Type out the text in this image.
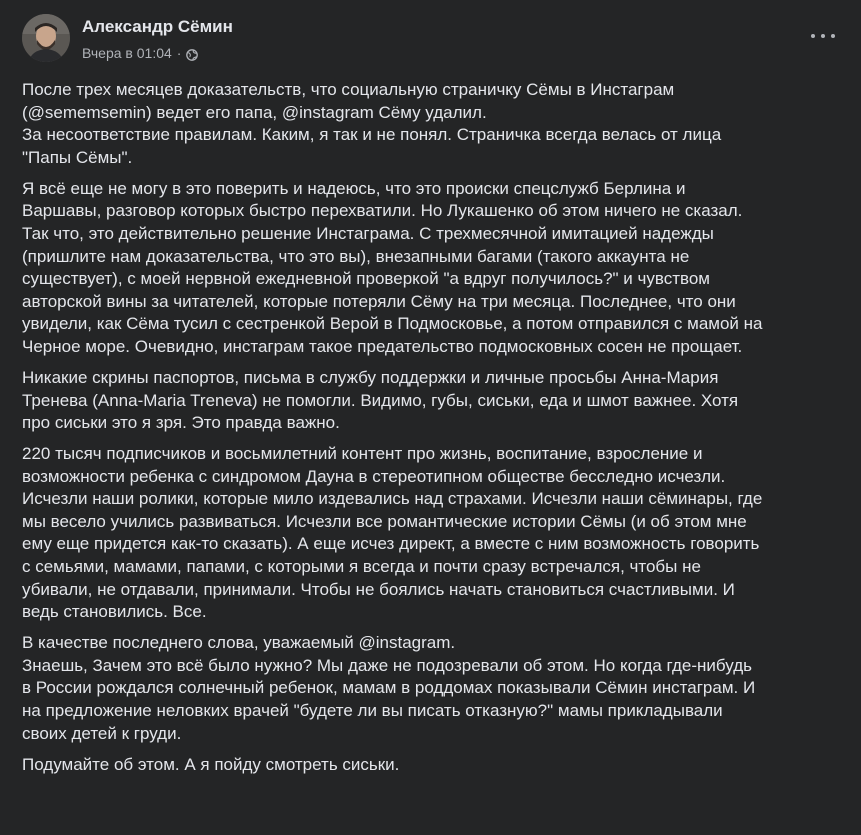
Александр Сёмин
Вчера в 01:04 ·

После трех месяцев доказательств, что социальную страничку Сёмы в Инстаграм
(@sememsemin) ведет его папа, @instagram Сёму удалил.
За несоответствие правилам. Каким, я так и не понял. Страничка всегда велась от лица
"Папы Сёмы".

Я всё еще не могу в это поверить и надеюсь, что это происки спецслужб Берлина и
Варшавы, разговор которых быстро перехватили. Но Лукашенко об этом ничего не сказал.
Так что, это действительно решение Инстаграма. С трехмесячной имитацией надежды
(пришлите нам доказательства, что это вы), внезапными багами (такого аккаунта не
существует), с моей нервной ежедневной проверкой "а вдруг получилось?" и чувством
авторской вины за читателей, которые потеряли Сёму на три месяца. Последнее, что они
увидели, как Сёма тусил с сестренкой Верой в Подмосковье, а потом отправился с мамой на
Черное море. Очевидно, инстаграм такое предательство подмосковных сосен не прощает.

Никакие скрины паспортов, письма в службу поддержки и личные просьбы Анна-Мария
Тренева (Anna-Maria Treneva) не помогли. Видимо, губы, сиськи, еда и шмот важнее. Хотя
про сиськи это я зря. Это правда важно.

220 тысяч подписчиков и восьмилетний контент про жизнь, воспитание, взросление и
возможности ребенка с синдромом Дауна в стереотипном обществе бесследно исчезли.
Исчезли наши ролики, которые мило издевались над страхами. Исчезли наши сёминары, где
мы весело учились развиваться. Исчезли все романтические истории Сёмы (и об этом мне
ему еще придется как-то сказать). А еще исчез директ, а вместе с ним возможность говорить
с семьями, мамами, папами, с которыми я всегда и почти сразу встречался, чтобы не
убивали, не отдавали, принимали. Чтобы не боялись начать становиться счастливыми. И
ведь становились. Все.

В качестве последнего слова, уважаемый @instagram.
Знаешь, Зачем это всё было нужно? Мы даже не подозревали об этом. Но когда где-нибудь
в России рождался солнечный ребенок, мамам в роддомах показывали Сёмин инстаграм. И
на предложение неловких врачей "будете ли вы писать отказную?" мамы прикладывали
своих детей к груди.

Подумайте об этом. А я пойду смотреть сиськи.
